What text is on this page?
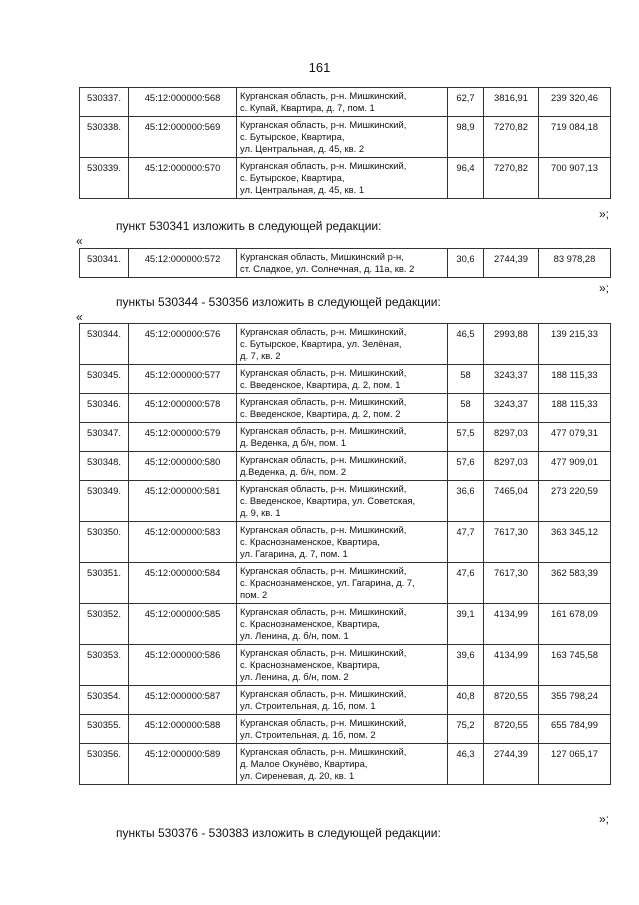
161
530337.	45:12:000000:568	Курганская область, р-н. Мишкинский,
с. Купай, Квартира, д. 7, пом. 1	62,7	3816,91	239 320,46
530338.	45:12:000000:569	Курганская область, р-н. Мишкинский,
с. Бутырское, Квартира,
ул. Центральная, д. 45, кв. 2	98,9	7270,82	719 084,18
530339.	45:12:000000:570	Курганская область, р-н. Мишкинский,
с. Бутырское, Квартира,
ул. Центральная, д. 45, кв. 1	96,4	7270,82	700 907,13
»;
пункт 530341 изложить в следующей редакции:
«
530341.	45:12:000000:572	Курганская область, Мишкинский р-н,
ст. Сладкое, ул. Солнечная, д. 11а, кв. 2	30,6	2744,39	83 978,28
»;
пункты 530344 - 530356 изложить в следующей редакции:
«
530344.	45:12:000000:576	Курганская область, р-н. Мишкинский,
с. Бутырское, Квартира, ул. Зелёная,
д. 7, кв. 2	46,5	2993,88	139 215,33
530345.	45:12:000000:577	Курганская область, р-н. Мишкинский,
с. Введенское, Квартира, д. 2, пом. 1	58	3243,37	188 115,33
530346.	45:12:000000:578	Курганская область, р-н. Мишкинский,
с. Введенское, Квартира, д. 2, пом. 2	58	3243,37	188 115,33
530347.	45:12:000000:579	Курганская область, р-н. Мишкинский,
д. Веденка, д б/н, пом. 1	57,5	8297,03	477 079,31
530348.	45:12:000000:580	Курганская область, р-н. Мишкинский,
д.Веденка, д. б/н, пом. 2	57,6	8297,03	477 909,01
530349.	45:12:000000:581	Курганская область, р-н. Мишкинский,
с. Введенское, Квартира, ул. Советская,
д. 9, кв. 1	36,6	7465,04	273 220,59
530350.	45:12:000000:583	Курганская область, р-н. Мишкинский,
с. Краснознаменское, Квартира,
ул. Гагарина, д. 7, пом. 1	47,7	7617,30	363 345,12
530351.	45:12:000000:584	Курганская область, р-н. Мишкинский,
с. Краснознаменское, ул. Гагарина, д. 7,
пом. 2	47,6	7617,30	362 583,39
530352.	45:12:000000:585	Курганская область, р-н. Мишкинский,
с. Краснознаменское, Квартира,
ул. Ленина, д. б/н, пом. 1	39,1	4134,99	161 678,09
530353.	45:12:000000:586	Курганская область, р-н. Мишкинский,
с. Краснознаменское, Квартира,
ул. Ленина, д. б/н, пом. 2	39,6	4134,99	163 745,58
530354.	45:12:000000:587	Курганская область, р-н. Мишкинский,
ул. Строительная, д. 1б, пом. 1	40,8	8720,55	355 798,24
530355.	45:12:000000:588	Курганская область, р-н. Мишкинский,
ул. Строительная, д. 1б, пом. 2	75,2	8720,55	655 784,99
530356.	45:12:000000:589	Курганская область, р-н. Мишкинский,
д. Малое Окунёво, Квартира,
ул. Сиреневая, д. 20, кв. 1	46,3	2744,39	127 065,17
»;
пункты 530376 - 530383 изложить в следующей редакции:
